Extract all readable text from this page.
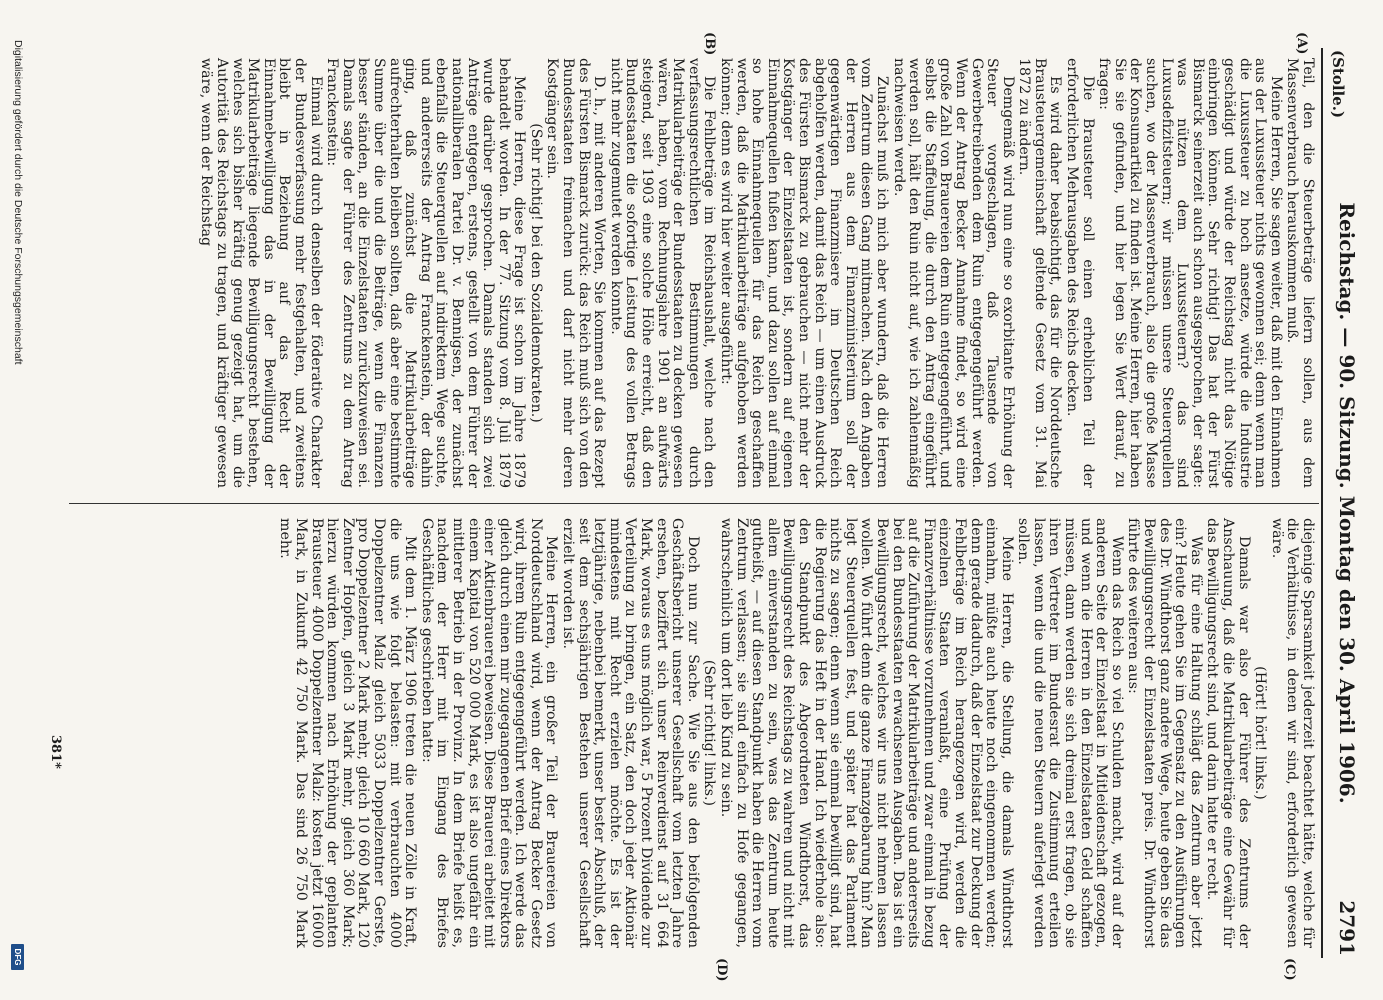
(Stolle.)
Reichstag. — 90. Sitzung. Montag den 30. April 1906.
2791
(A)
(B)
(C)
(D)

Teil, den die Steuerbeträge liefern sollen, aus dem Massenverbrauch herauskommen muß.

Meine Herren, Sie sagen weiter, daß mit den Einnahmen aus der Luxussteuer nichts gewonnen sei; denn wenn man die Luxussteuer zu hoch ansetze, würde die Industrie geschädigt und würde der Reichstag nicht das Nötige einbringen können. Sehr richtig! Das hat der Fürst Bismarck seinerzeit auch schon ausgesprochen, der sagte: was nützen dem Luxussteuern? das sind Luxusdefizitsteuern; wir müssen unsere Steuerquellen suchen, wo der Massenverbrauch, also die große Masse der Konsumartikel zu finden ist. Meine Herren, hier haben Sie sie gefunden, und hier legen Sie Wert darauf, zu fragen:

Die Brausteuer soll einen erheblichen Teil der erforderlichen Mehrausgaben des Reichs decken.

Es wird daher beabsichtigt, das für die Norddeutsche Brausteuergemeinschaft geltende Gesetz vom 31. Mai 1872 zu ändern.

Demgemäß wird nun eine so exorbitante Erhöhung der Steuer vorgeschlagen, daß Tausende von Gewerbetreibenden dem Ruin entgegengeführt werden. Wenn der Antrag Becker Annahme findet, so wird eine große Zahl von Brauereien dem Ruin entgegengeführt, und selbst die Staffelung, die durch den Antrag eingeführt werden soll, hält den Ruin nicht auf, wie ich zahlenmäßig nachweisen werde.

Zunächst muß ich mich aber wundern, daß die Herren vom Zentrum diesen Gang mitmachen. Nach den Angaben der Herren aus dem Finanzministerium soll der gegenwärtigen Finanzmisere im Deutschen Reich abgeholfen werden, damit das Reich — um einen Ausdruck des Fürsten Bismarck zu gebrauchen — nicht mehr der Kostgänger der Einzelstaaten ist, sondern auf eigenen Einnahmequellen fußen kann, und dazu sollen auf einmal so hohe Einnahmequellen für das Reich geschaffen werden, daß die Matrikularbeiträge aufgehoben werden können; denn es wird hier weiter ausgeführt:

Die Fehlbeträge im Reichshaushalt, welche nach den verfassungsrechtlichen Bestimmungen durch Matrikularbeiträge der Bundesstaaten zu decken gewesen wären, haben, vom Rechnungsjahre 1901 an aufwärts steigend, seit 1903 eine solche Höhe erreicht, daß den Bundesstaaten die sofortige Leistung des vollen Betrags nicht mehr zugemutet werden konnte.

D. h., mit anderen Worten, Sie kommen auf das Rezept des Fürsten Bismarck zurück: das Reich muß sich von den Bundesstaaten freimachen und darf nicht mehr deren Kostgänger sein.

(Sehr richtig! bei den Sozialdemokraten.)

Meine Herren, diese Frage ist schon im Jahre 1879 behandelt worden. In der 77. Sitzung vom 8. Juli 1879 wurde darüber gesprochen. Damals standen sich zwei Anträge entgegen, erstens, gestellt von dem Führer der nationalliberalen Partei Dr. v. Bennigsen, der zunächst ebenfalls die Steuerquellen auf indirektem Wege suchte, und andererseits der Antrag Franckenstein, der dahin ging, daß zunächst die Matrikularbeiträge aufrechterhalten bleiben sollten, daß aber eine bestimmte Summe über die und die Beiträge, wenn die Finanzen besser ständen, an die Einzelstaaten zurückzuweisen sei. Damals sagte der Führer des Zentrums zu dem Antrag Franckenstein:

Einmal wird durch denselben der föderative Charakter der Bundesverfassung mehr festgehalten, und zweitens bleibt in Beziehung auf das Recht der Einnahmebewilligung das in der Bewilligung der Matrikularbeiträge liegende Bewilligungsrecht bestehen, welches sich bisher kräftig genug gezeigt hat, um die Autorität des Reichstags zu tragen, und kräftiger gewesen wäre, wenn der Reichstag

diejenige Sparsamkeit jederzeit beachtet hätte, welche für die Verhältnisse, in denen wir sind, erforderlich gewesen wäre.

(Hört! hört! links.)

Damals war also der Führer des Zentrums der Anschauung, daß die Matrikularbeiträge eine Gewähr für das Bewilligungsrecht sind, und darin hatte er recht.

Was für eine Haltung schlägt das Zentrum aber jetzt ein? Heute gehen Sie im Gegensatz zu den Ausführungen des Dr. Windthorst ganz andere Wege, heute geben Sie das Bewilligungsrecht der Einzelstaaten preis. Dr. Windthorst führte des weiteren aus:

Wenn das Reich so viel Schulden macht, wird auf der anderen Seite der Einzelstaat in Mitleidenschaft gezogen, und wenn die Herren in den Einzelstaaten Geld schaffen müssen, dann werden sie sich dreimal erst fragen, ob sie ihren Vertreter im Bundesrat die Zustimmung erteilen lassen, wenn die und die neuen Steuern auferlegt werden sollen.

Meine Herren, die Stellung, die damals Windthorst einnahm, müßte auch heute noch eingenommen werden; denn gerade dadurch, daß der Einzelstaat zur Deckung der Fehlbeträge im Reich herangezogen wird, werden die einzelnen Staaten veranlaßt, eine Prüfung der Finanzverhältnisse vorzunehmen und zwar einmal in bezug auf die Zuführung der Matrikularbeiträge und andererseits bei den Bundesstaaten erwachsenen Ausgaben. Das ist ein Bewilligungsrecht, welches wir uns nicht nehmen lassen wollen. Wo führt denn die ganze Finanzgebarung hin? Man legt Steuerquellen fest, und später hat das Parlament nichts zu sagen; denn wenn sie einmal bewilligt sind, hat die Regierung das Heft in der Hand. Ich wiederhole also: den Standpunkt des Abgeordneten Windthorst, das Bewilligungsrecht des Reichstags zu wahren und nicht mit allem einverstanden zu sein, was das Zentrum heute gutheißt, — auf diesen Standpunkt haben die Herren vom Zentrum verlassen; sie sind einfach zu Hofe gegangen, wahrscheinlich um dort lieb Kind zu sein.

(Sehr richtig! links.)

Doch nun zur Sache. Wie Sie aus den beifolgenden Geschäftsbericht unserer Gesellschaft vom letzten Jahre ersehen, beziffert sich unser Reinverdienst auf 31 664 Mark, woraus es uns möglich war, 5 Prozent Dividende zur Verteilung zu bringen, ein Satz, den doch jeder Aktionär mindestens mit Recht erzielen möchte. Es ist der letztjährige, nebenbei bemerkt, unser bester Abschluß, der seit dem sechsjährigen Bestehen unserer Gesellschaft erzielt worden ist.

Meine Herren, ein großer Teil der Brauereien von Norddeutschland wird, wenn der Antrag Becker Gesetz wird, ihrem Ruin entgegengeführt werden. Ich werde das gleich durch einen mir zugegangenen Brief eines Direktors einer Aktienbrauerei beweisen. Diese Brauerei arbeitet mit einem Kapital von 520 000 Mark, es ist also ungefähr ein mittlerer Betrieb in der Provinz. In dem Briefe heißt es, nachdem der Herr mit im Eingang des Briefes Geschäftliches geschrieben hatte:

Mit dem 1. März 1906 treten die neuen Zölle in Kraft, die uns wie folgt belasten: mit verbrauchten 4000 Doppelzentner Malz gleich 5033 Doppelzentner Gerste, pro Doppelzentner 2 Mark mehr, gleich 10 660 Mark, 120 Zentner Hopfen, gleich 3 Mark mehr, gleich 360 Mark; hierzu würden kommen nach Erhöhung der geplanten Brausteuer 4000 Doppelzentner Malz: kosten jetzt 16000 Mark, in Zukunft 42 750 Mark. Das sind 26 750 Mark mehr.

381*
Digitalisierung gefördert durch die Deutsche Forschungsgemeinschaft
DFG
